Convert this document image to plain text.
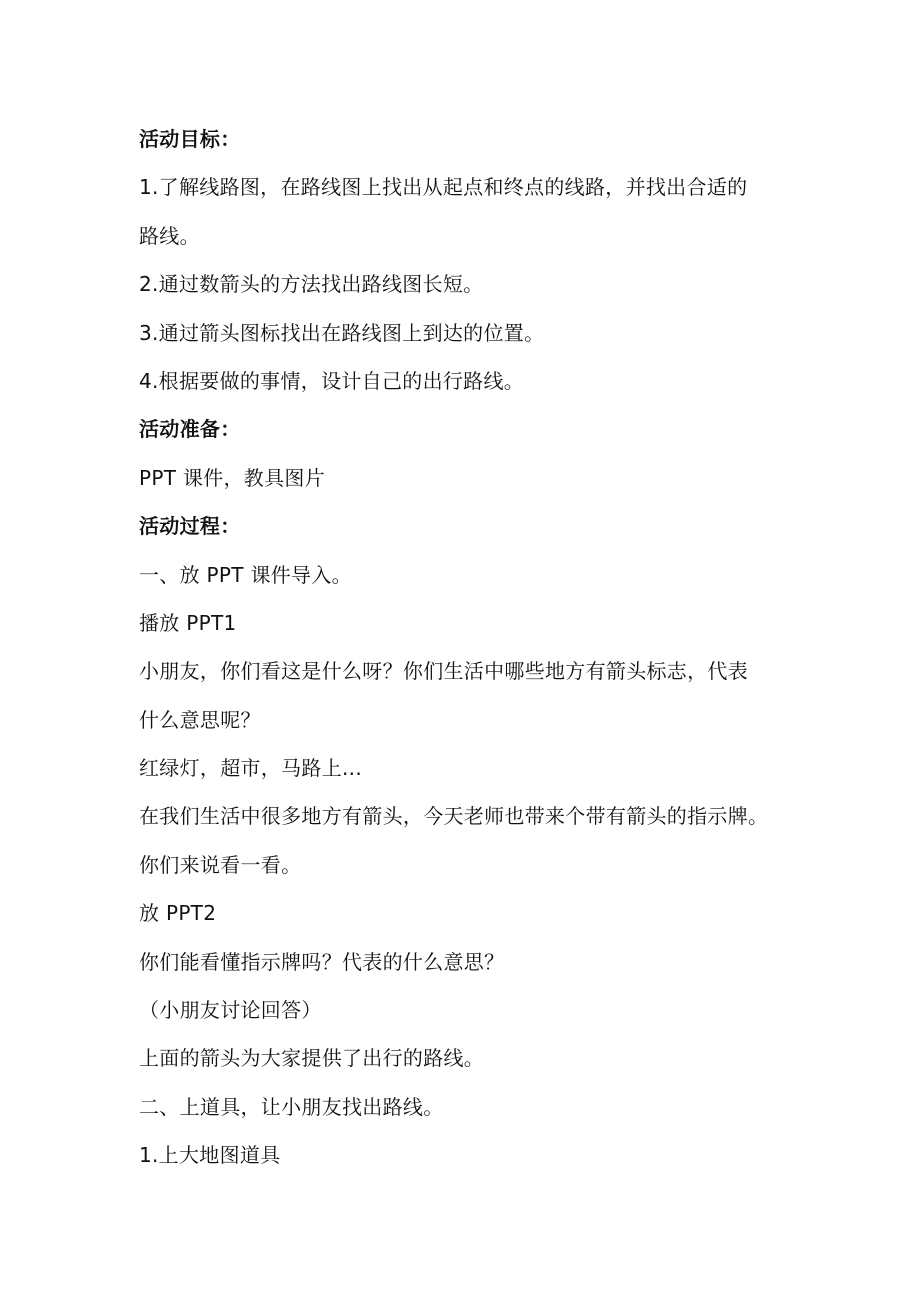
活动目标：
1.了解线路图，在路线图上找出从起点和终点的线路，并找出合适的
路线。
2.通过数箭头的方法找出路线图长短。
3.通过箭头图标找出在路线图上到达的位置。
4.根据要做的事情，设计自己的出行路线。
活动准备：
PPT 课件，教具图片
活动过程：
一、放 PPT 课件导入。
播放 PPT1
小朋友，你们看这是什么呀？你们生活中哪些地方有箭头标志，代表
什么意思呢？
红绿灯，超市，马路上...
在我们生活中很多地方有箭头，今天老师也带来个带有箭头的指示牌。
你们来说看一看。
放 PPT2
你们能看懂指示牌吗？代表的什么意思？
（小朋友讨论回答）
上面的箭头为大家提供了出行的路线。
二、上道具，让小朋友找出路线。
1.上大地图道具
